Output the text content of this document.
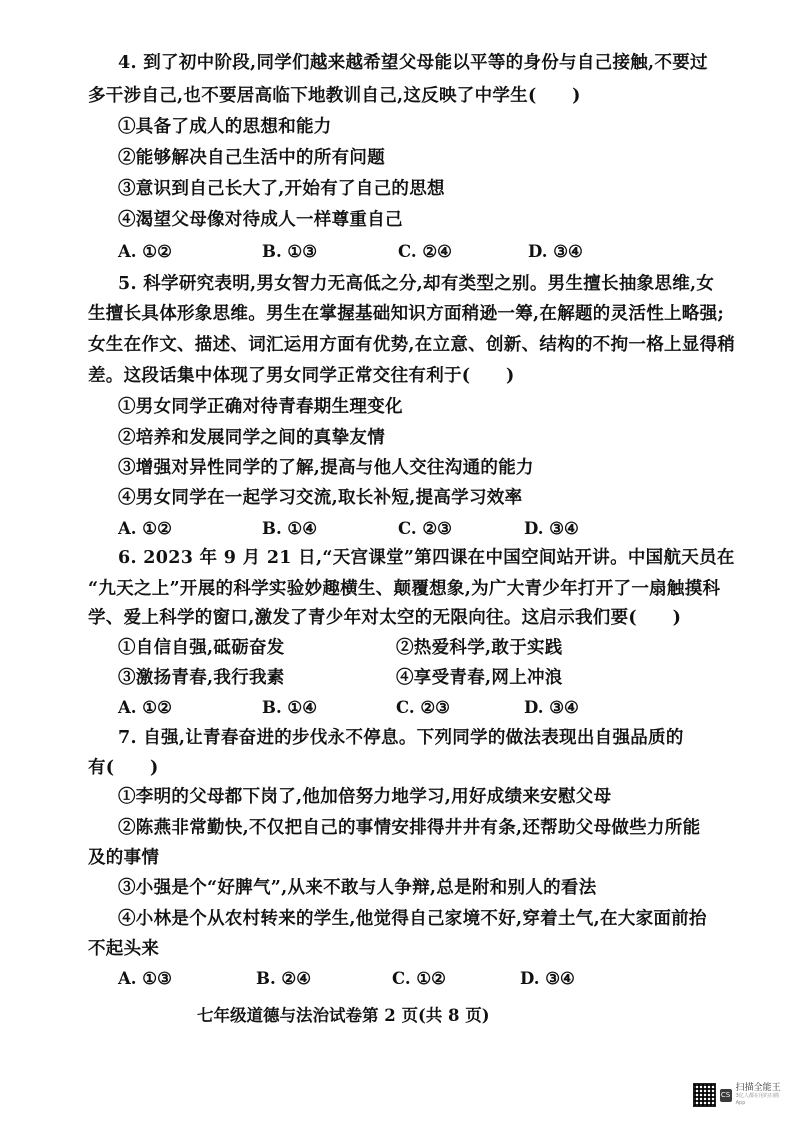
4. 到了初中阶段,同学们越来越希望父母能以平等的身份与自己接触,不要过
多干涉自己,也不要居高临下地教训自己,这反映了中学生(　　)
①具备了成人的思想和能力
②能够解决自己生活中的所有问题
③意识到自己长大了,开始有了自己的思想
④渴望父母像对待成人一样尊重自己
A. ①②	B. ①③	C. ②④	D. ③④
5. 科学研究表明,男女智力无高低之分,却有类型之别。男生擅长抽象思维,女
生擅长具体形象思维。男生在掌握基础知识方面稍逊一筹,在解题的灵活性上略强;
女生在作文、描述、词汇运用方面有优势,在立意、创新、结构的不拘一格上显得稍
差。这段话集中体现了男女同学正常交往有利于(　　)
①男女同学正确对待青春期生理变化
②培养和发展同学之间的真挚友情
③增强对异性同学的了解,提高与他人交往沟通的能力
④男女同学在一起学习交流,取长补短,提高学习效率
A. ①②	B. ①④	C. ②③	D. ③④
6. 2023 年 9 月 21 日,“天宫课堂”第四课在中国空间站开讲。中国航天员在
“九天之上”开展的科学实验妙趣横生、颠覆想象,为广大青少年打开了一扇触摸科
学、爱上科学的窗口,激发了青少年对太空的无限向往。这启示我们要(　　)
①自信自强,砥砺奋发	②热爱科学,敢于实践
③激扬青春,我行我素	④享受青春,网上冲浪
A. ①②	B. ①④	C. ②③	D. ③④
7. 自强,让青春奋进的步伐永不停息。下列同学的做法表现出自强品质的
有(　　)
①李明的父母都下岗了,他加倍努力地学习,用好成绩来安慰父母
②陈燕非常勤快,不仅把自己的事情安排得井井有条,还帮助父母做些力所能
及的事情
③小强是个“好脾气”,从来不敢与人争辩,总是附和别人的看法
④小林是个从农村转来的学生,他觉得自己家境不好,穿着土气,在大家面前抬
不起头来
A. ①③	B. ②④	C. ①②	D. ③④
七年级道德与法治试卷第 2 页(共 8 页)
CS
扫描全能王
3亿人都在用的扫描App
